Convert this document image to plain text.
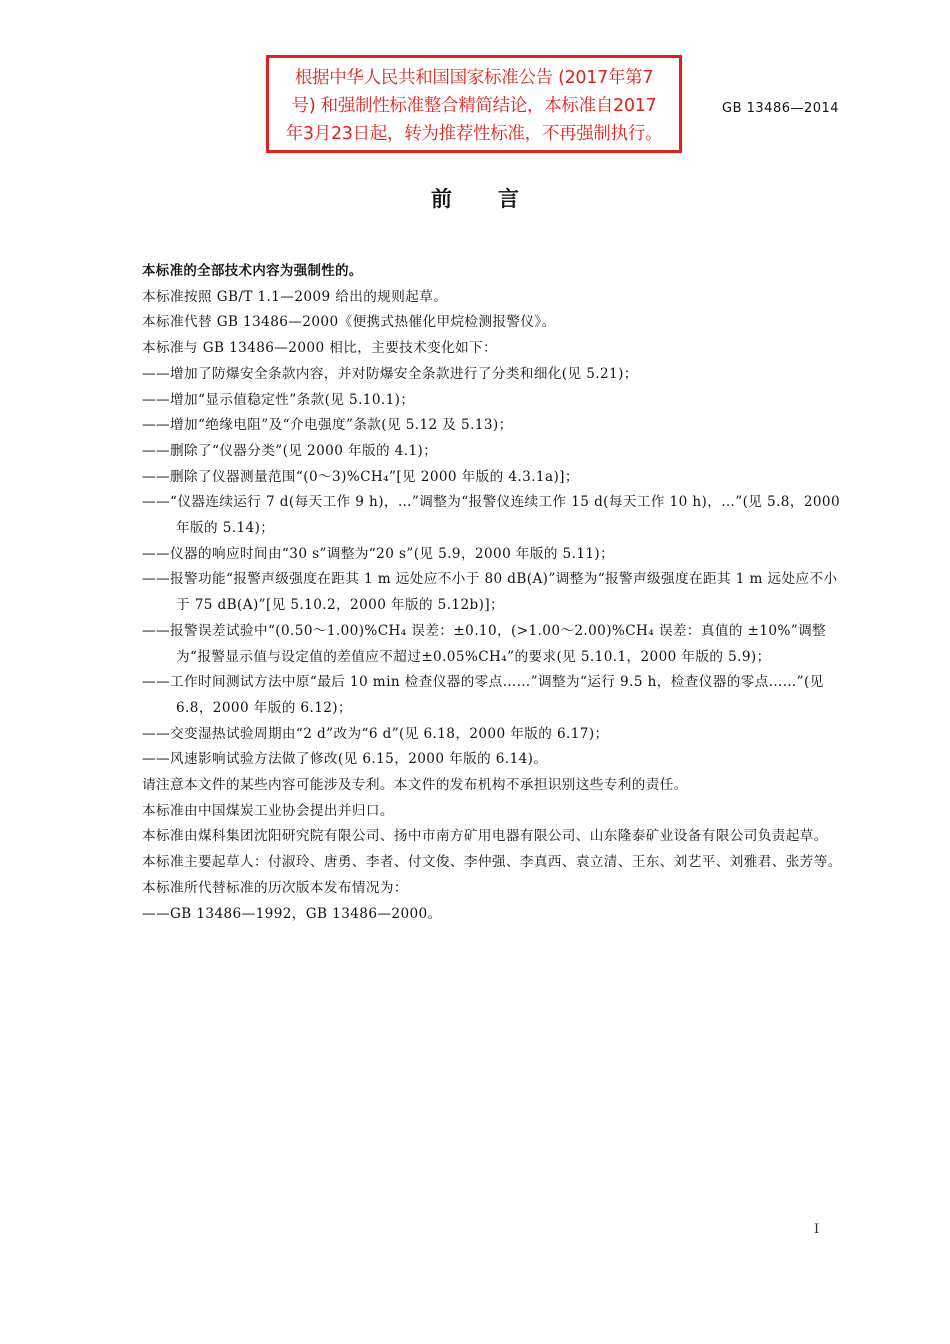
根据中华人民共和国国家标准公告 (2017年第7
号) 和强制性标准整合精简结论，本标准自2017
年3月23日起，转为推荐性标准，不再强制执行。
GB 13486—2014
前言

本标准的全部技术内容为强制性的。

本标准按照 GB/T 1.1—2009 给出的规则起草。

本标准代替 GB 13486—2000《便携式热催化甲烷检测报警仪》。

本标准与 GB 13486—2000 相比，主要技术变化如下：

——增加了防爆安全条款内容，并对防爆安全条款进行了分类和细化(见 5.21)；

——增加“显示值稳定性”条款(见 5.10.1)；

——增加“绝缘电阻”及“介电强度”条款(见 5.12 及 5.13)；

——删除了“仪器分类”(见 2000 年版的 4.1)；

——删除了仪器测量范围“(0～3)%CH₄”[见 2000 年版的 4.3.1a)]；

——“仪器连续运行 7 d(每天工作 9 h)，…”调整为“报警仪连续工作 15 d(每天工作 10 h)，…”(见 5.8，2000 年版的 5.14)；

——仪器的响应时间由“30 s”调整为“20 s”(见 5.9，2000 年版的 5.11)；

——报警功能“报警声级强度在距其 1 m 远处应不小于 80 dB(A)”调整为“报警声级强度在距其 1 m 远处应不小于 75 dB(A)”[见 5.10.2，2000 年版的 5.12b)]；

——报警误差试验中“(0.50～1.00)%CH₄ 误差：±0.10，(>1.00～2.00)%CH₄ 误差：真值的 ±10%”调整为“报警显示值与设定值的差值应不超过±0.05%CH₄”的要求(见 5.10.1，2000 年版的 5.9)；

——工作时间测试方法中原“最后 10 min 检查仪器的零点……”调整为“运行 9.5 h，检查仪器的零点……”(见 6.8，2000 年版的 6.12)；

——交变湿热试验周期由“2 d”改为“6 d”(见 6.18，2000 年版的 6.17)；

——风速影响试验方法做了修改(见 6.15，2000 年版的 6.14)。

请注意本文件的某些内容可能涉及专利。本文件的发布机构不承担识别这些专利的责任。

本标准由中国煤炭工业协会提出并归口。

本标准由煤科集团沈阳研究院有限公司、扬中市南方矿用电器有限公司、山东隆泰矿业设备有限公司负责起草。

本标准主要起草人：付淑玲、唐勇、李者、付文俊、李仲强、李真西、袁立清、王东、刘艺平、刘雅君、张芳等。

本标准所代替标准的历次版本发布情况为：

——GB 13486—1992，GB 13486—2000。

I
